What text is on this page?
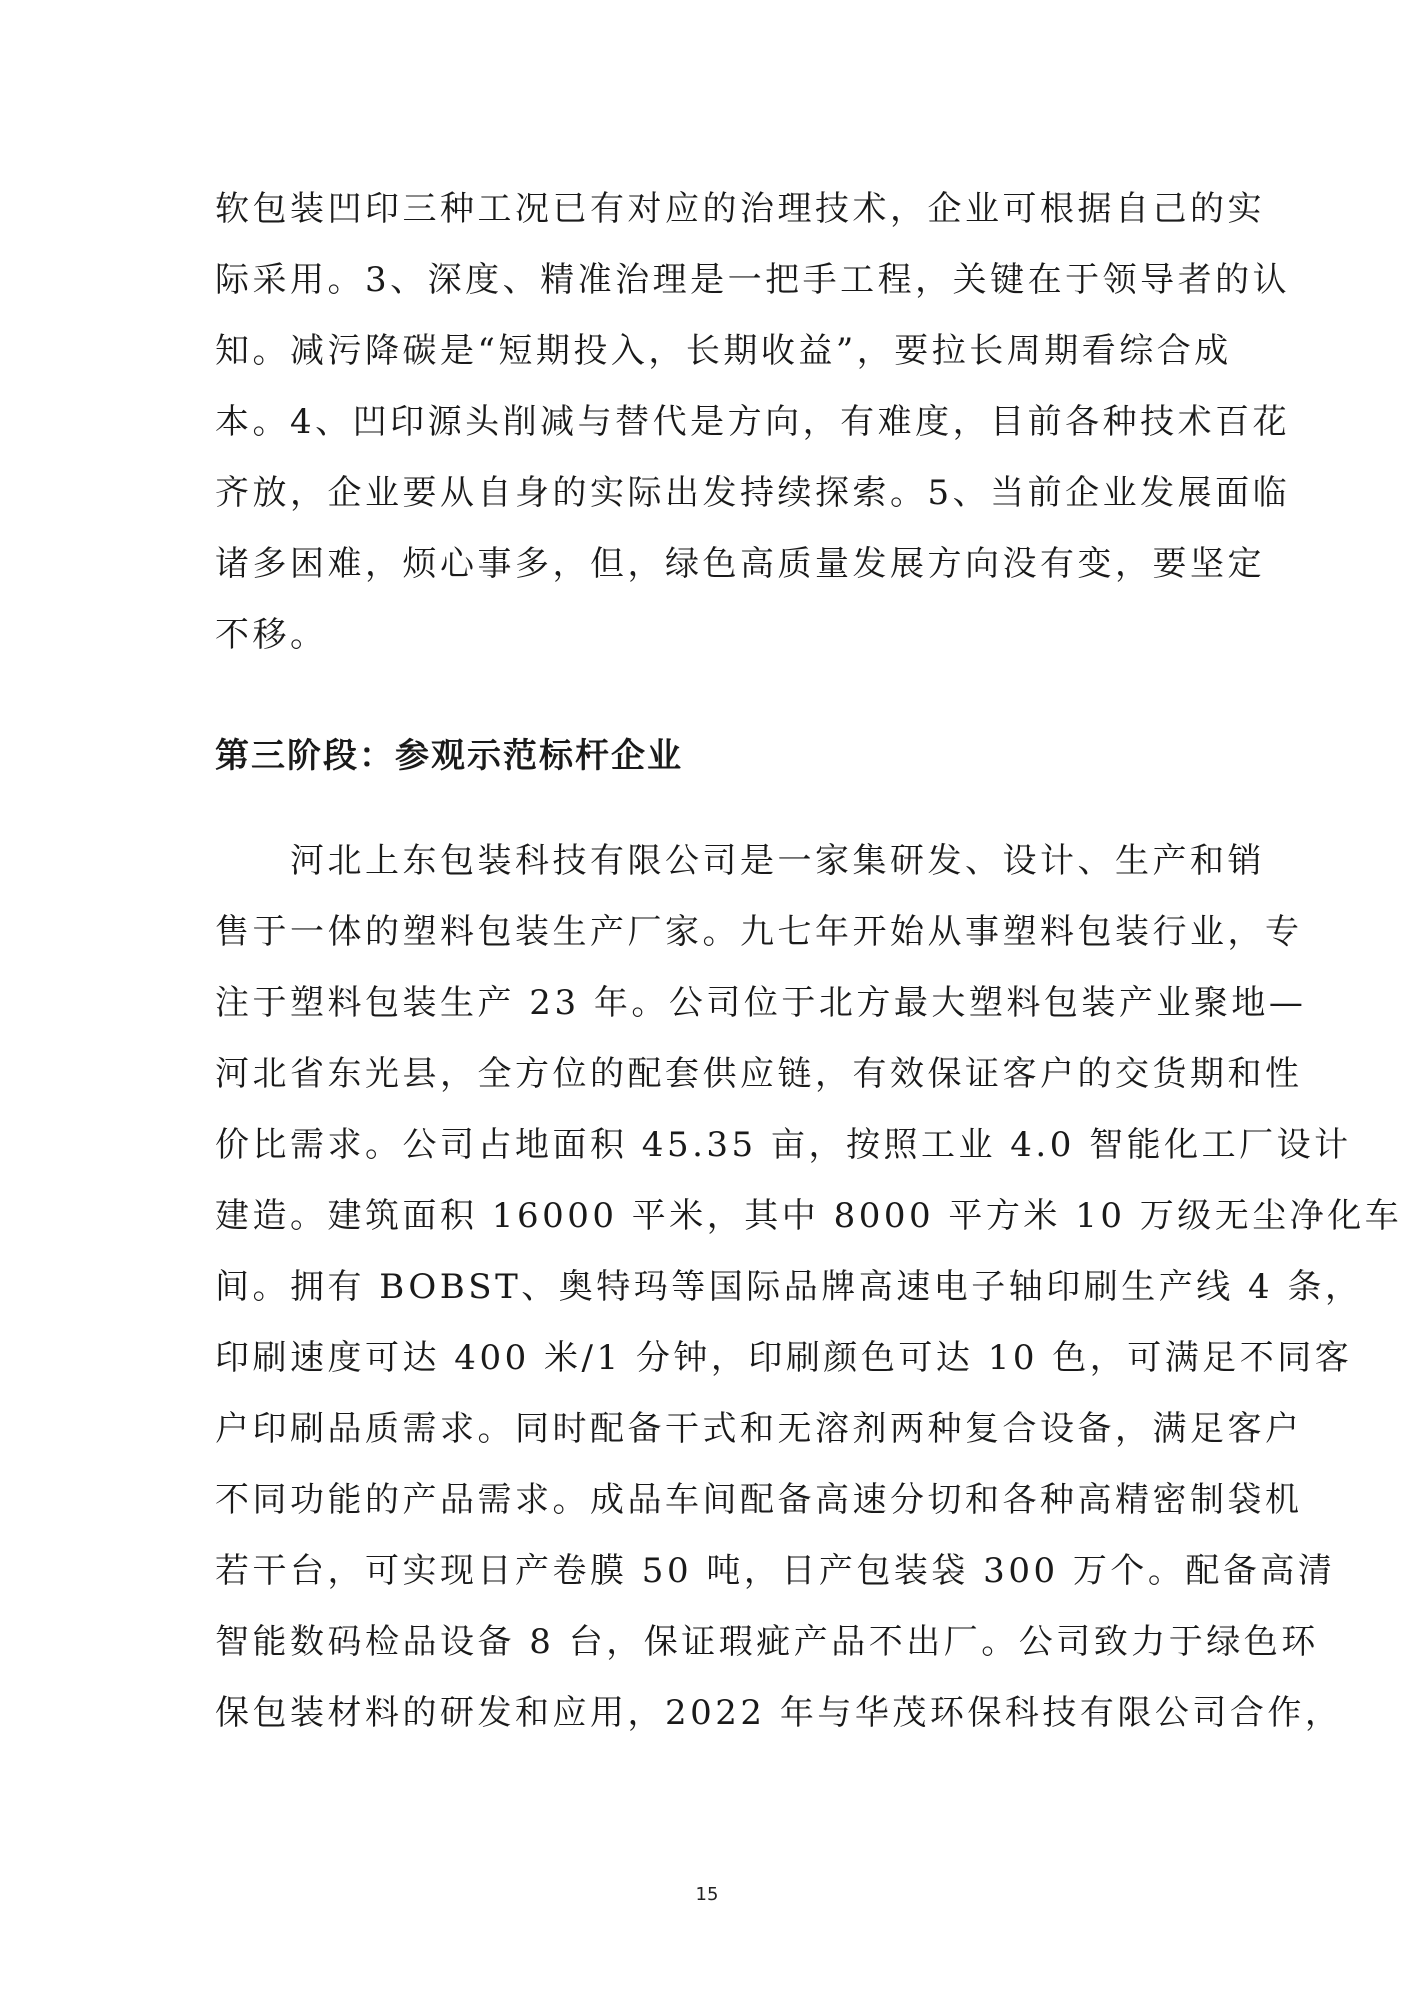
软包装凹印三种工况已有对应的治理技术，企业可根据自己的实
际采用。3、深度、精准治理是一把手工程，关键在于领导者的认
知。减污降碳是“短期投入，长期收益”，要拉长周期看综合成
本。4、凹印源头削减与替代是方向，有难度，目前各种技术百花
齐放，企业要从自身的实际出发持续探索。5、当前企业发展面临
诸多困难，烦心事多，但，绿色高质量发展方向没有变，要坚定
不移。
第三阶段：参观示范标杆企业
　　河北上东包装科技有限公司是一家集研发、设计、生产和销
售于一体的塑料包装生产厂家。九七年开始从事塑料包装行业，专
注于塑料包装生产 23 年。公司位于北方最大塑料包装产业聚地—
河北省东光县，全方位的配套供应链，有效保证客户的交货期和性
价比需求。公司占地面积 45.35 亩，按照工业 4.0 智能化工厂设计
建造。建筑面积 16000 平米，其中 8000 平方米 10 万级无尘净化车
间。拥有 BOBST、奥特玛等国际品牌高速电子轴印刷生产线 4 条，
印刷速度可达 400 米/1 分钟，印刷颜色可达 10 色，可满足不同客
户印刷品质需求。同时配备干式和无溶剂两种复合设备，满足客户
不同功能的产品需求。成品车间配备高速分切和各种高精密制袋机
若干台，可实现日产卷膜 50 吨，日产包装袋 300 万个。配备高清
智能数码检品设备 8 台，保证瑕疵产品不出厂。公司致力于绿色环
保包装材料的研发和应用，2022 年与华茂环保科技有限公司合作，
15
